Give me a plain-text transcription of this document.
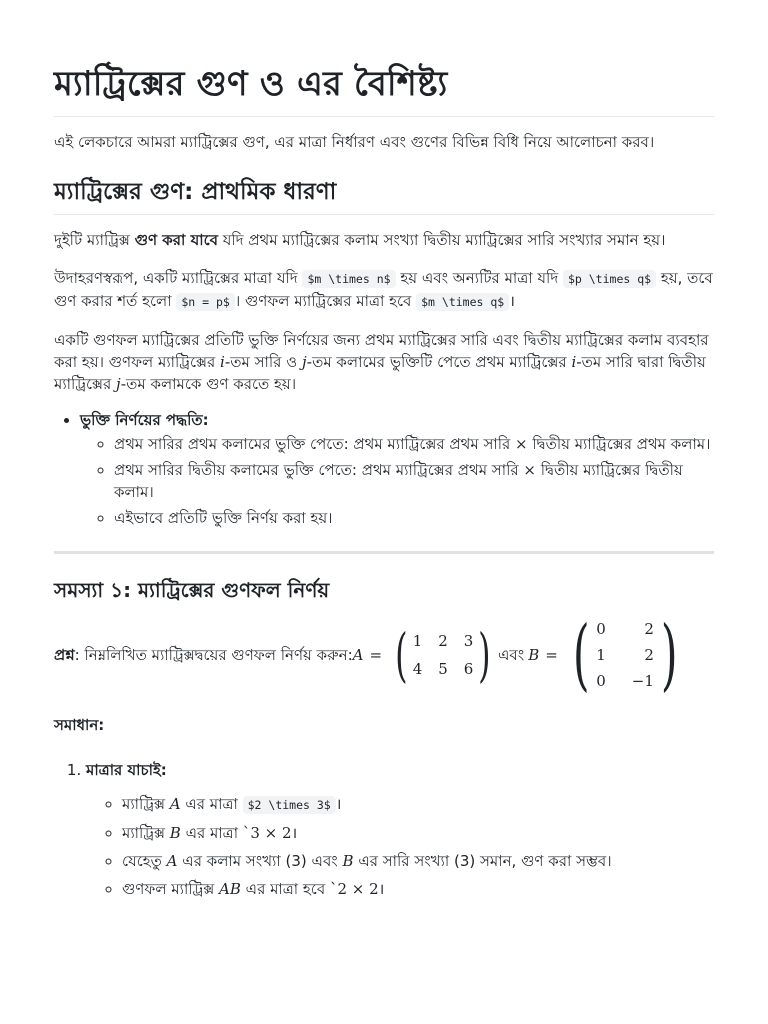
ম্যাট্রিক্সের গুণ ও এর বৈশিষ্ট্য

এই লেকচারে আমরা ম্যাট্রিক্সের গুণ, এর মাত্রা নির্ধারণ এবং গুণের বিভিন্ন বিধি নিয়ে আলোচনা করব।

ম্যাট্রিক্সের গুণ: প্রাথমিক ধারণা

দুইটি ম্যাট্রিক্স গুণ করা যাবে যদি প্রথম ম্যাট্রিক্সের কলাম সংখ্যা দ্বিতীয় ম্যাট্রিক্সের সারি সংখ্যার সমান হয়।

উদাহরণস্বরূপ, একটি ম্যাট্রিক্সের মাত্রা যদি $m \times n$ হয় এবং অন্যটির মাত্রা যদি $p \times q$ হয়, তবে গুণ করার শর্ত হলো $n = p$ । গুণফল ম্যাট্রিক্সের মাত্রা হবে $m \times q$ ।

একটি গুণফল ম্যাট্রিক্সের প্রতিটি ভুক্তি নির্ণয়ের জন্য প্রথম ম্যাট্রিক্সের সারি এবং দ্বিতীয় ম্যাট্রিক্সের কলাম ব্যবহার করা হয়। গুণফল ম্যাট্রিক্সের i-তম সারি ও j-তম কলামের ভুক্তিটি পেতে প্রথম ম্যাট্রিক্সের i-তম সারি দ্বারা দ্বিতীয় ম্যাট্রিক্সের j-তম কলামকে গুণ করতে হয়।

• ভুক্তি নির্ণয়ের পদ্ধতি:
◦ প্রথম সারির প্রথম কলামের ভুক্তি পেতে: প্রথম ম্যাট্রিক্সের প্রথম সারি × দ্বিতীয় ম্যাট্রিক্সের প্রথম কলাম।
◦ প্রথম সারির দ্বিতীয় কলামের ভুক্তি পেতে: প্রথম ম্যাট্রিক্সের প্রথম সারি × দ্বিতীয় ম্যাট্রিক্সের দ্বিতীয় কলাম।
◦ এইভাবে প্রতিটি ভুক্তি নির্ণয় করা হয়।
সমস্যা ১: ম্যাট্রিক্সের গুণফল নির্ণয়
প্রশ্ন : নিম্নলিখিত ম্যাট্রিক্সদ্বয়ের গুণফল নির্ণয় করুন: A = ( 1 2 3
4 5 6 ) এবং B = ( 0	2
1	2
0 −1 )
সমাধান:
1. মাত্রার যাচাই:
◦ ম্যাট্রিক্স A এর মাত্রা $2 \times 3$ ।
◦ ম্যাট্রিক্স B এর মাত্রা `3 × 2।
◦ যেহেতু A এর কলাম সংখ্যা (3) এবং B এর সারি সংখ্যা (3) সমান, গুণ করা সম্ভব।
◦ গুণফল ম্যাট্রিক্স AB এর মাত্রা হবে `2 × 2।
